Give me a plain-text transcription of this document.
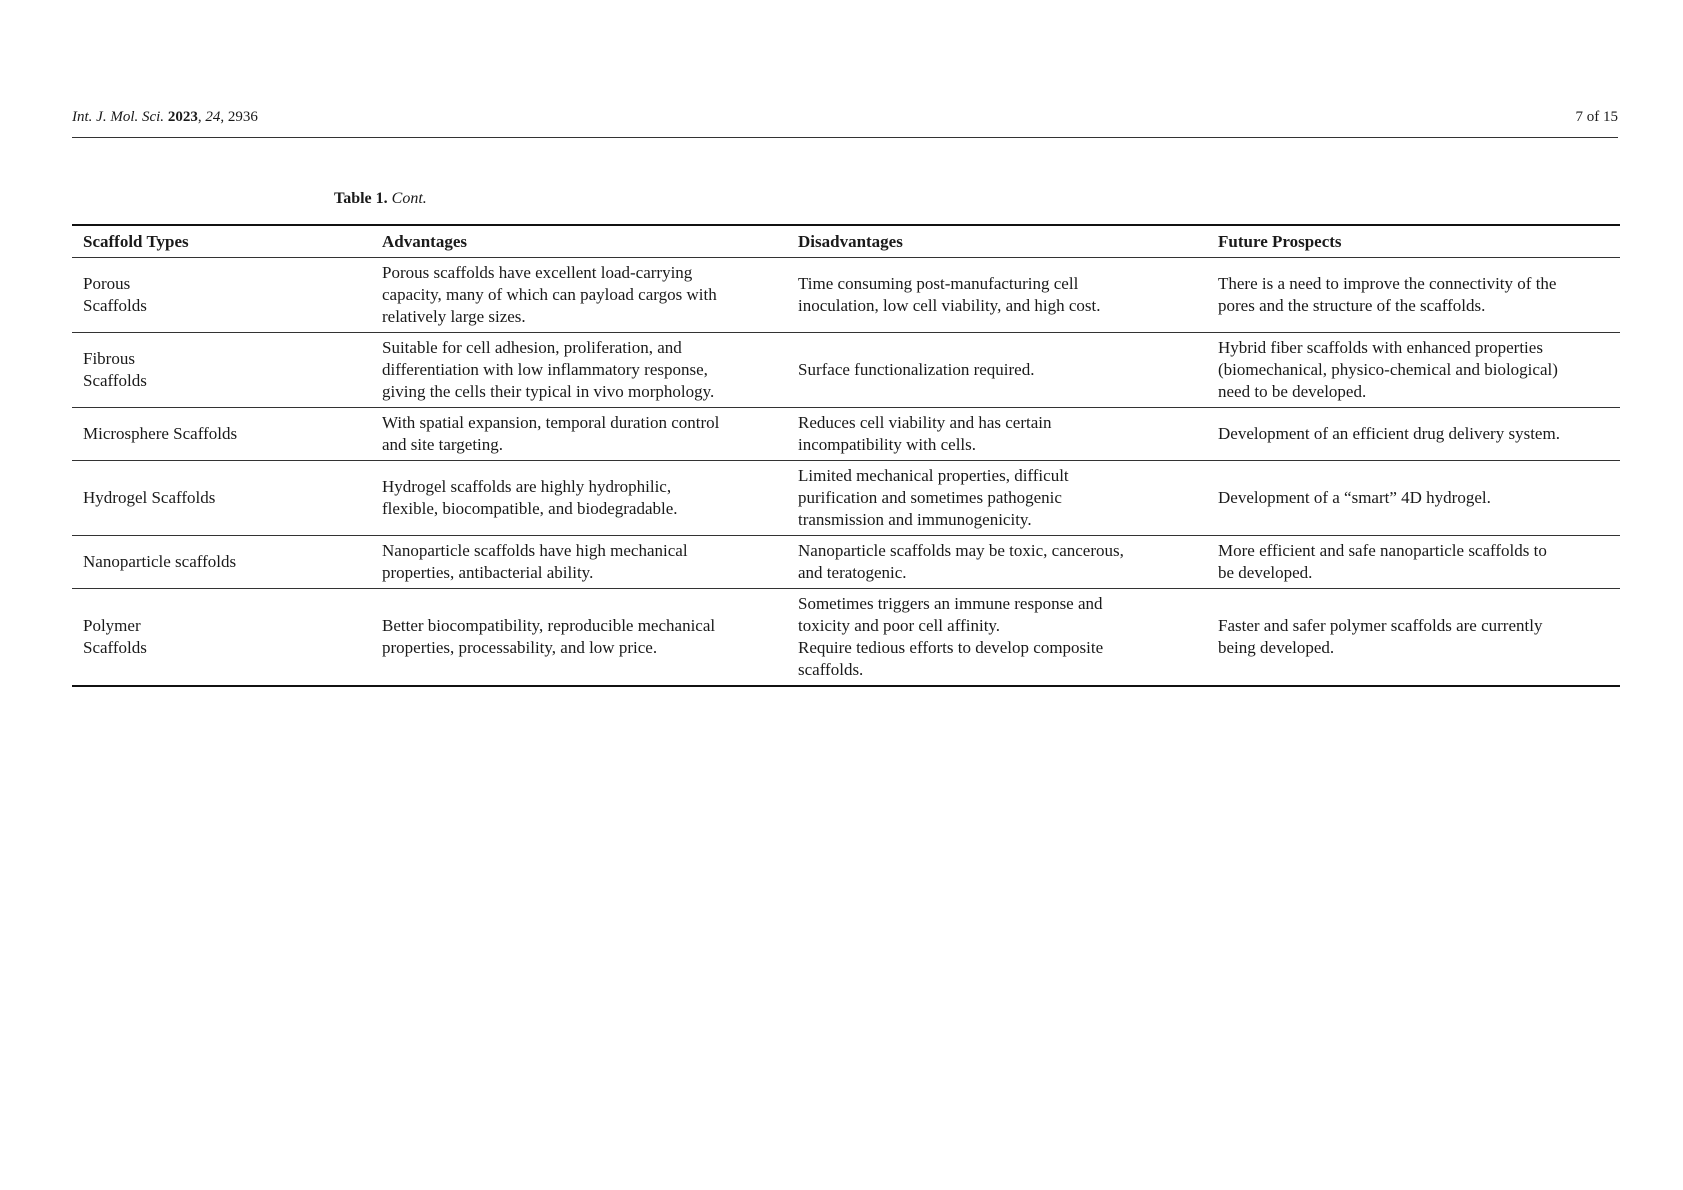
Int. J. Mol. Sci. 2023, 24, 2936	7 of 15
Table 1. Cont.
Scaffold Types	Advantages	Disadvantages	Future Prospects

Porous
Scaffolds	Porous scaffolds have excellent load-carrying
capacity, many of which can payload cargos with
relatively large sizes.	Time consuming post-manufacturing cell
inoculation, low cell viability, and high cost.	There is a need to improve the connectivity of the
pores and the structure of the scaffolds.

Fibrous
Scaffolds	Suitable for cell adhesion, proliferation, and
differentiation with low inflammatory response,
giving the cells their typical in vivo morphology.	Surface functionalization required.	Hybrid fiber scaffolds with enhanced properties
(biomechanical, physico-chemical and biological)
need to be developed.

Microsphere Scaffolds	With spatial expansion, temporal duration control
and site targeting.	Reduces cell viability and has certain
incompatibility with cells.	Development of an efficient drug delivery system.

Hydrogel Scaffolds	Hydrogel scaffolds are highly hydrophilic,
flexible, biocompatible, and biodegradable.	Limited mechanical properties, difficult
purification and sometimes pathogenic
transmission and immunogenicity.	Development of a “smart” 4D hydrogel.

Nanoparticle scaffolds	Nanoparticle scaffolds have high mechanical
properties, antibacterial ability.	Nanoparticle scaffolds may be toxic, cancerous,
and teratogenic.	More efficient and safe nanoparticle scaffolds to
be developed.

Polymer
Scaffolds	Better biocompatibility, reproducible mechanical
properties, processability, and low price.	Sometimes triggers an immune response and
toxicity and poor cell affinity.
Require tedious efforts to develop composite
scaffolds.	Faster and safer polymer scaffolds are currently
being developed.
